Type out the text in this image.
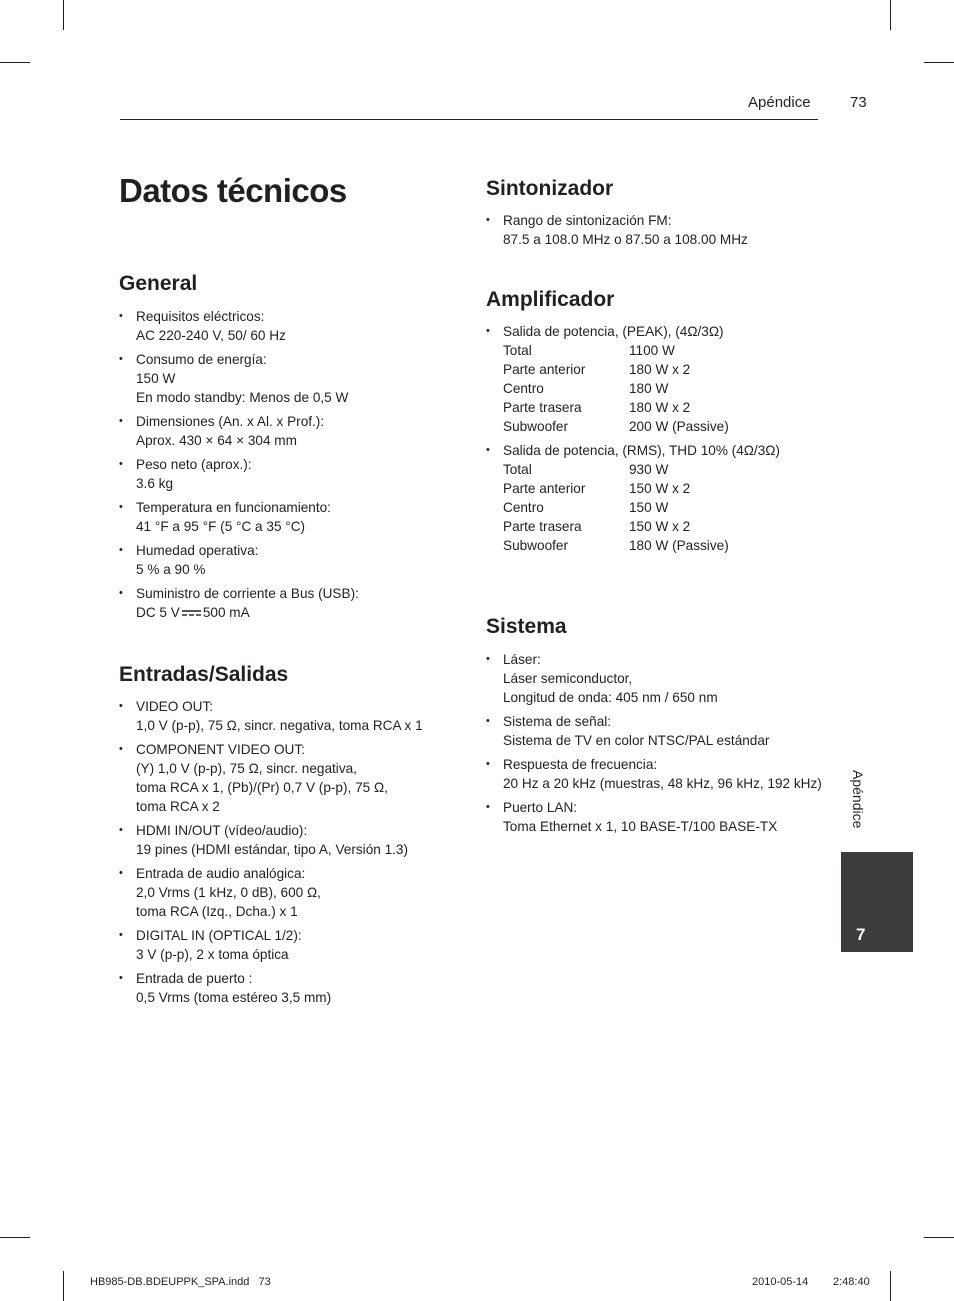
Apéndice	73
Datos técnicos
General
• Requisitos eléctricos:
AC 220-240 V, 50/ 60 Hz
• Consumo de energía:
150 W
En modo standby: Menos de 0,5 W
• Dimensiones (An. x Al. x Prof.):
Aprox. 430 × 64 × 304 mm
• Peso neto (aprox.):
3.6 kg
• Temperatura en funcionamiento:
41 °F a 95 °F (5 °C a 35 °C)
• Humedad operativa:
5 % a 90 %
• Suministro de corriente a Bus (USB):
DC 5 V 500 mA
Entradas/Salidas
• VIDEO OUT:
1,0 V (p-p), 75 Ω, sincr. negativa, toma RCA x 1
• COMPONENT VIDEO OUT:
(Y) 1,0 V (p-p), 75 Ω, sincr. negativa,
toma RCA x 1, (Pb)/(Pr) 0,7 V (p-p), 75 Ω,
toma RCA x 2
• HDMI IN/OUT (vídeo/audio):
19 pines (HDMI estándar, tipo A, Versión 1.3)
• Entrada de audio analógica:
2,0 Vrms (1 kHz, 0 dB), 600 Ω,
toma RCA (Izq., Dcha.) x 1
• DIGITAL IN (OPTICAL 1/2):
3 V (p-p), 2 x toma óptica
• Entrada de puerto :
0,5 Vrms (toma estéreo 3,5 mm)
Sintonizador
• Rango de sintonización FM:
87.5 a 108.0 MHz o 87.50 a 108.00 MHz
Amplificador
• Salida de potencia, (PEAK), (4Ω/3Ω)
Total	1100 W
Parte anterior	180 W x 2
Centro	180 W
Parte trasera	180 W x 2
Subwoofer	200 W (Passive)
• Salida de potencia, (RMS), THD 10% (4Ω/3Ω)
Total	930 W
Parte anterior	150 W x 2
Centro	150 W
Parte trasera	150 W x 2
Subwoofer	180 W (Passive)
Sistema
• Láser:
Láser semiconductor,
Longitud de onda: 405 nm / 650 nm
• Sistema de señal:
Sistema de TV en color NTSC/PAL estándar
• Respuesta de frecuencia:
20 Hz a 20 kHz (muestras, 48 kHz, 96 kHz, 192 kHz)
• Puerto LAN:
Toma Ethernet x 1, 10 BASE-T/100 BASE-TX	Apéndice
7
HB985-DB.BDEUPPK_SPA.indd   73	2010-05-14 2:48:40
